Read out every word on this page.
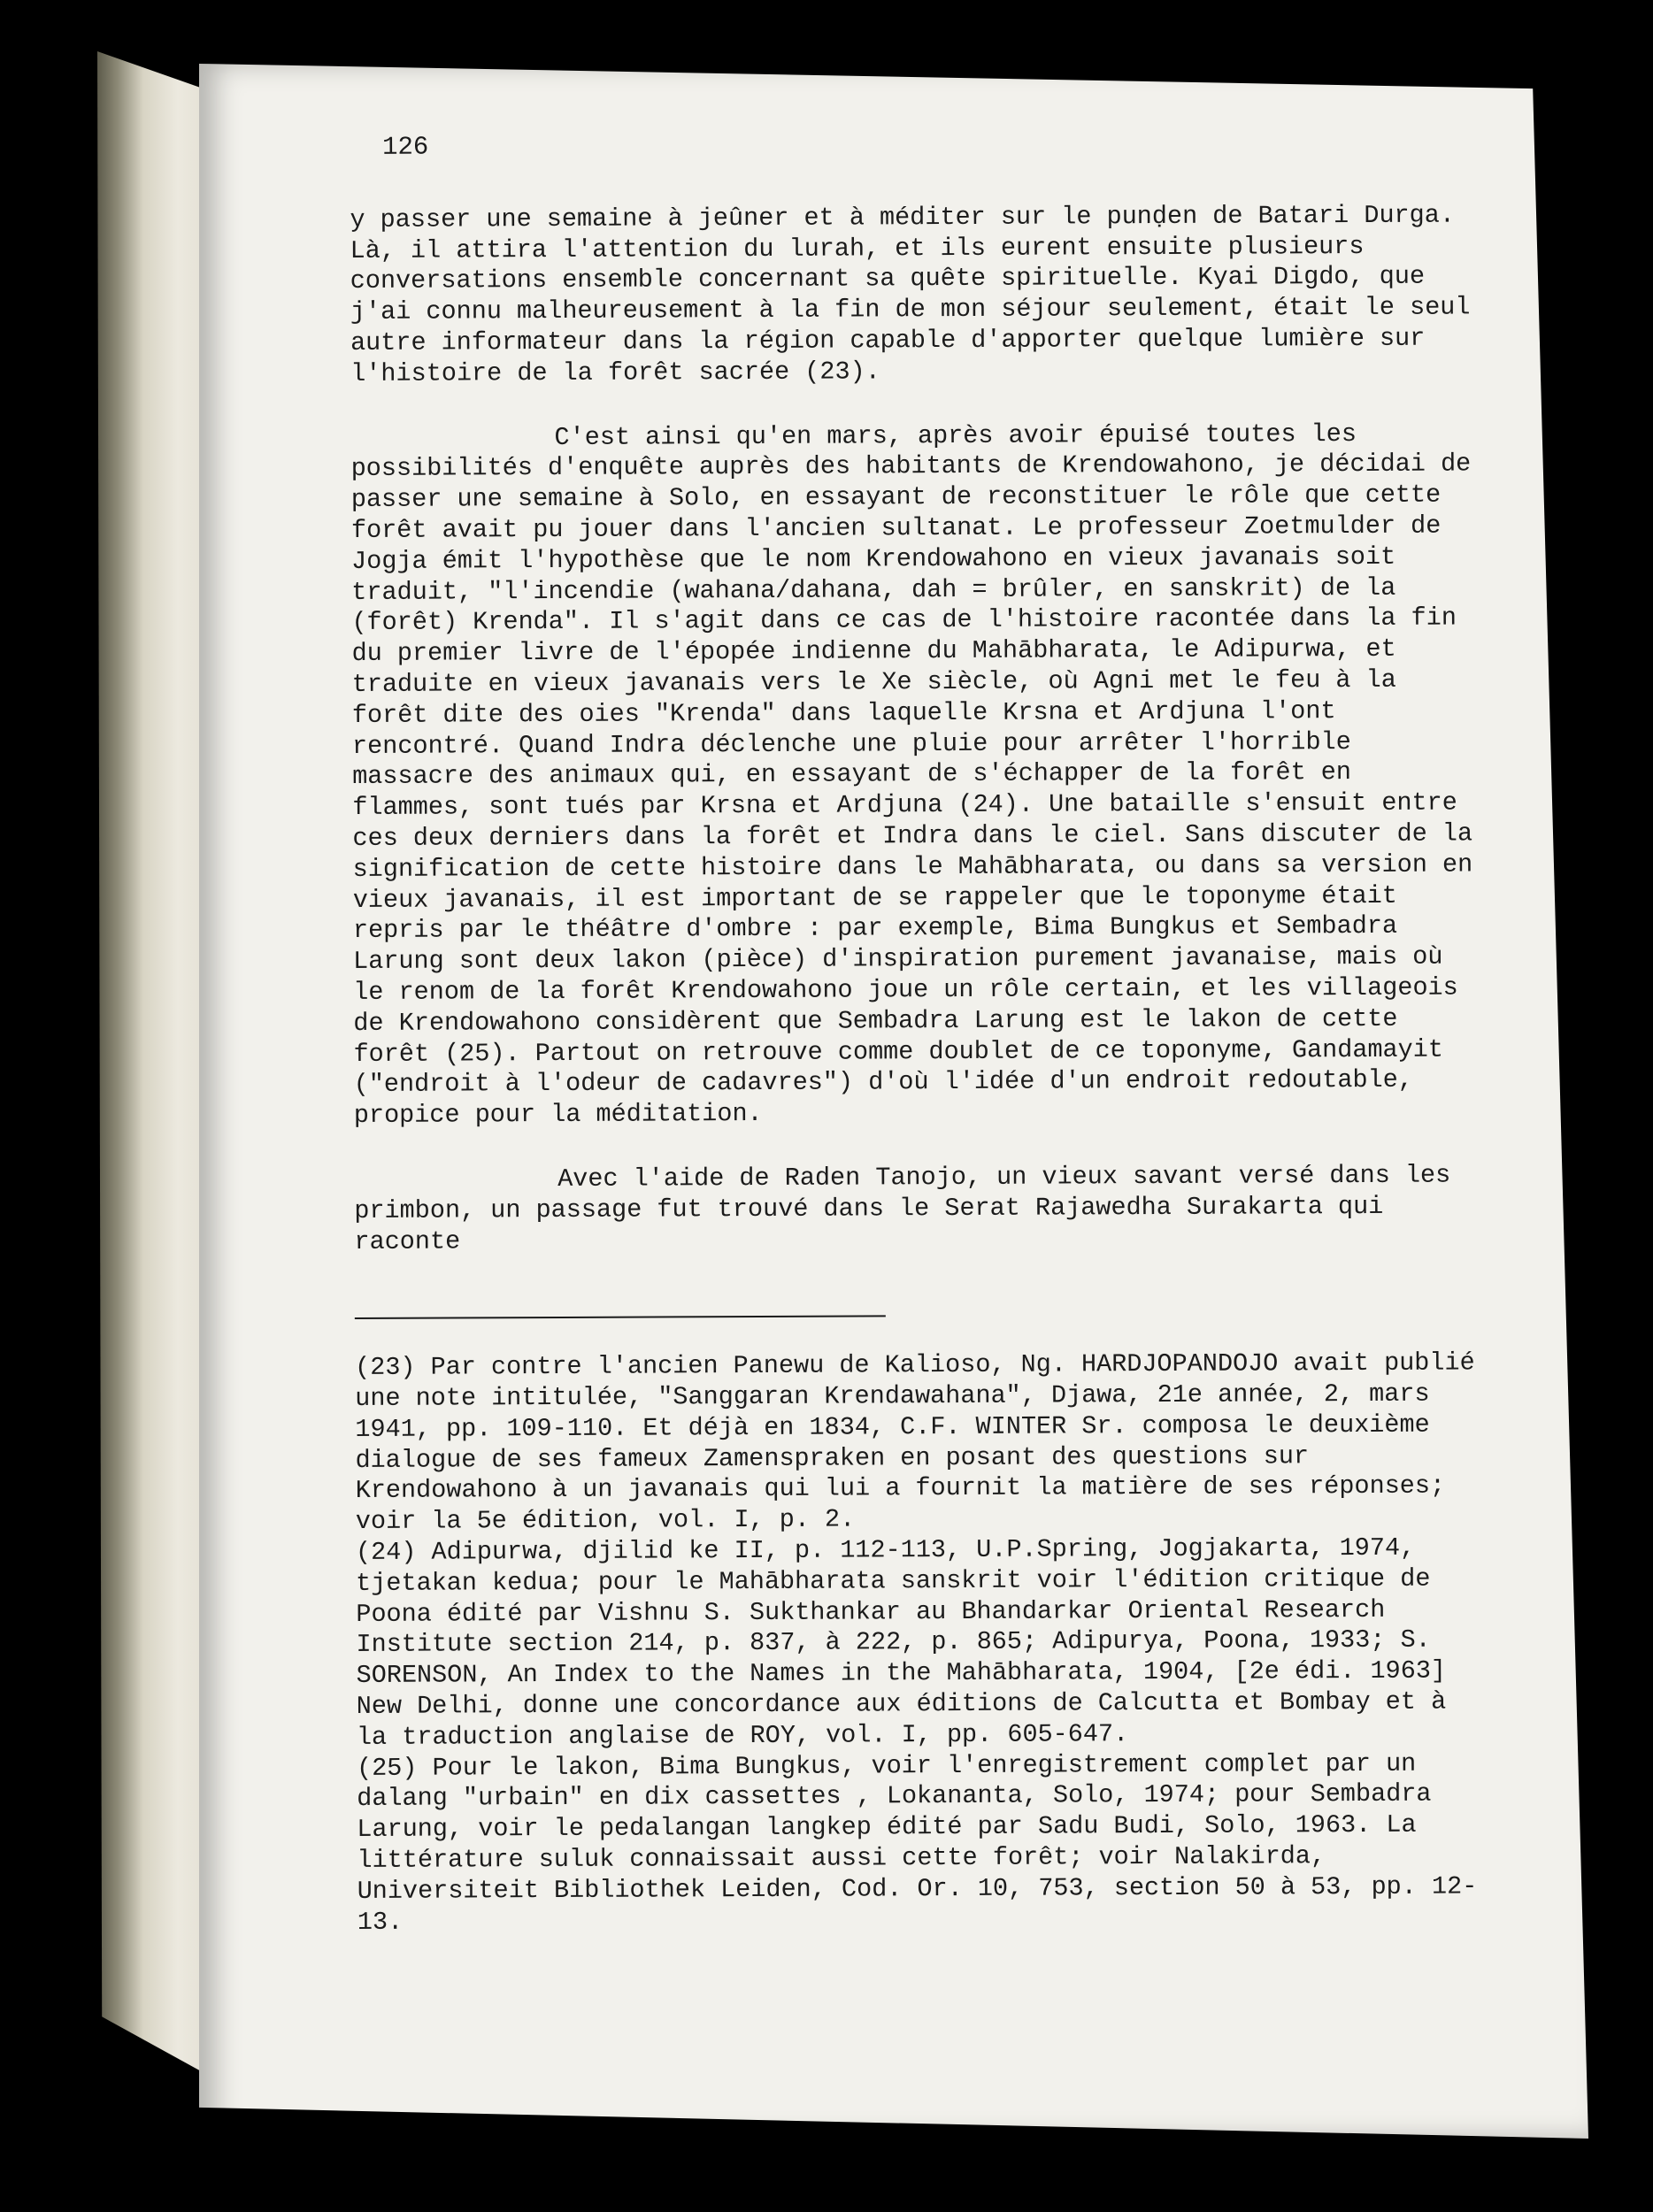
126

y passer une semaine à jeûner et à méditer sur le punḍen de Batari Durga. Là, il attira l'attention du lurah, et ils eurent ensuite plusieurs conversations ensemble concernant sa quête spirituelle. Kyai Digdo, que j'ai connu malheureusement à la fin de mon séjour seulement, était le seul autre informateur dans la région capable d'apporter quelque lumière sur l'histoire de la forêt sacrée (23).

C'est ainsi qu'en mars, après avoir épuisé toutes les possibilités d'enquête auprès des habitants de Krendowahono, je décidai de passer une semaine à Solo, en essayant de reconstituer le rôle que cette forêt avait pu jouer dans l'ancien sultanat. Le professeur Zoetmulder de Jogja émit l'hypothèse que le nom Krendowahono en vieux javanais soit traduit, "l'incendie (wahana/dahana, dah = brûler, en sanskrit) de la (forêt) Krenda". Il s'agit dans ce cas de l'histoire racontée dans la fin du premier livre de l'épopée indienne du Mahābharata, le Adipurwa, et traduite en vieux javanais vers le Xe siècle, où Agni met le feu à la forêt dite des oies "Krenda" dans laquelle Krsna et Ardjuna l'ont rencontré. Quand Indra déclenche une pluie pour arrêter l'horrible massacre des animaux qui, en essayant de s'échapper de la forêt en flammes, sont tués par Krsna et Ardjuna (24). Une bataille s'ensuit entre ces deux derniers dans la forêt et Indra dans le ciel. Sans discuter de la signification de cette histoire dans le Mahābharata, ou dans sa version en vieux javanais, il est important de se rappeler que le toponyme était repris par le théâtre d'ombre : par exemple, Bima Bungkus et Sembadra Larung sont deux lakon (pièce) d'inspiration purement javanaise, mais où le renom de la forêt Krendowahono joue un rôle certain, et les villageois de Krendowahono considèrent que Sembadra Larung est le lakon de cette forêt (25). Partout on retrouve comme doublet de ce toponyme, Gandamayit ("endroit à l'odeur de cadavres") d'où l'idée d'un endroit redoutable, propice pour la méditation.

Avec l'aide de Raden Tanojo, un vieux savant versé dans les primbon, un passage fut trouvé dans le Serat Rajawedha Surakarta qui raconte

(23) Par contre l'ancien Panewu de Kalioso, Ng. HARDJOPANDOJO avait publié une note intitulée, "Sanggaran Krendawahana", Djawa, 21e année, 2, mars 1941, pp. 109-110. Et déjà en 1834, C.F. WINTER Sr. composa le deuxième dialogue de ses fameux Zamenspraken en posant des questions sur Krendowahono à un javanais qui lui a fournit la matière de ses réponses; voir la 5e édition, vol. I, p. 2.

(24) Adipurwa, djilid ke II, p. 112-113, U.P.Spring, Jogjakarta, 1974, tjetakan kedua; pour le Mahābharata sanskrit voir l'édition critique de Poona édité par Vishnu S. Sukthankar au Bhandarkar Oriental Research Institute section 214, p. 837, à 222, p. 865; Adipurya, Poona, 1933; S. SORENSON, An Index to the Names in the Mahābharata, 1904, [2e édi. 1963] New Delhi, donne une concordance aux éditions de Calcutta et Bombay et à la traduction anglaise de ROY, vol. I, pp. 605-647.

(25) Pour le lakon, Bima Bungkus, voir l'enregistrement complet par un dalang "urbain" en dix cassettes , Lokananta, Solo, 1974; pour Sembadra Larung, voir le pedalangan langkep édité par Sadu Budi, Solo, 1963. La littérature suluk connaissait aussi cette forêt; voir Nalakirda, Universiteit Bibliothek Leiden, Cod. Or. 10, 753, section 50 à 53, pp. 12-13.
